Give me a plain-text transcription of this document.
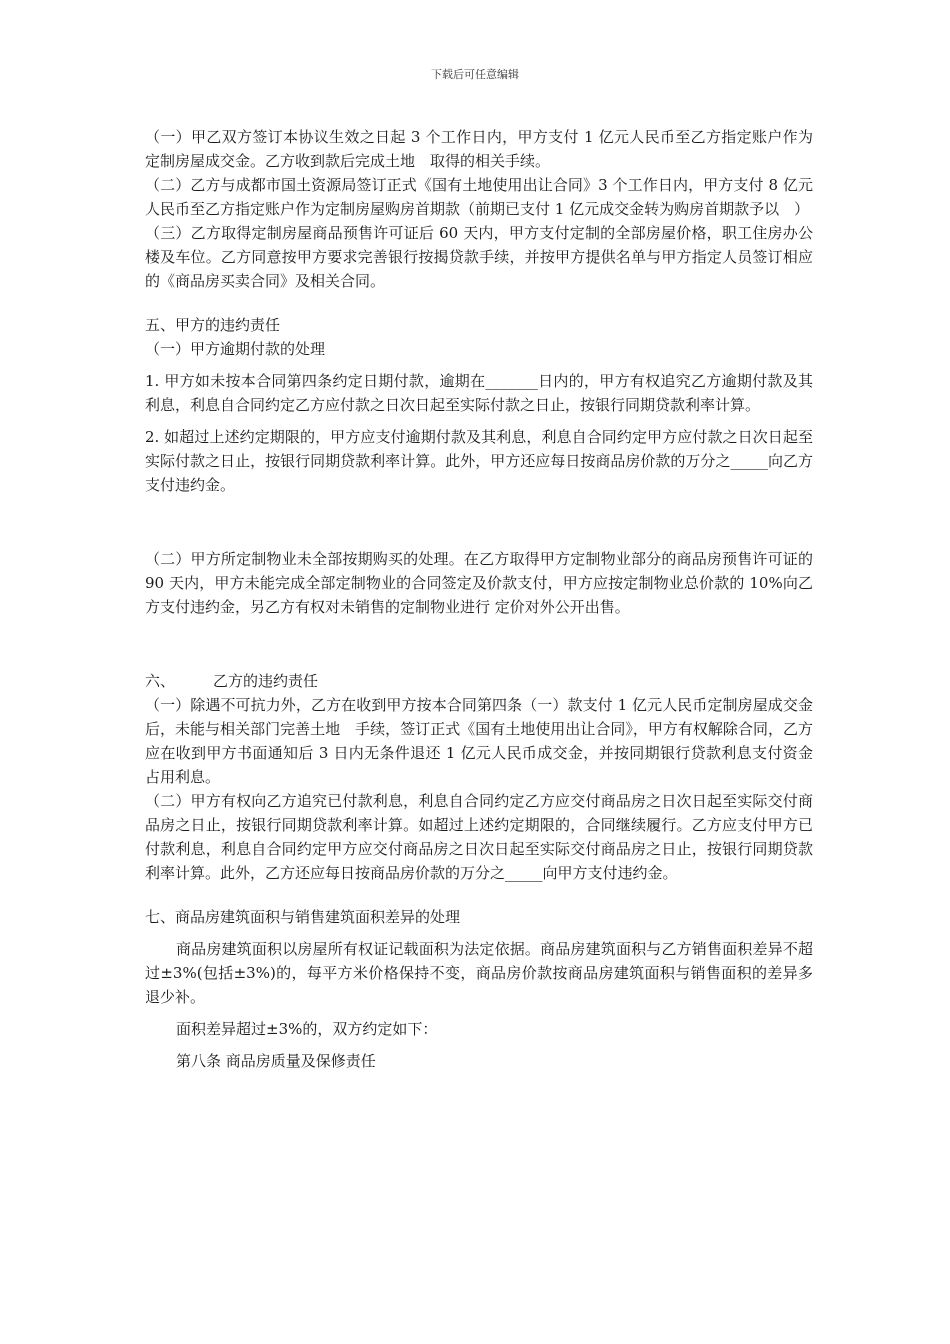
下载后可任意编辑

（一）甲乙双方签订本协议生效之日起 3 个工作日内，甲方支付 1 亿元人民币至乙方指定账户作为定制房屋成交金。乙方收到款后完成土地　取得的相关手续。

（二）乙方与成都市国土资源局签订正式《国有土地使用出让合同》3 个工作日内，甲方支付 8 亿元人民币至乙方指定账户作为定制房屋购房首期款（前期已支付 1 亿元成交金转为购房首期款予以　）

（三）乙方取得定制房屋商品预售许可证后 60 天内，甲方支付定制的全部房屋价格，职工住房办公楼及车位。乙方同意按甲方要求完善银行按揭贷款手续，并按甲方提供名单与甲方指定人员签订相应的《商品房买卖合同》及相关合同。

五、甲方的违约责任

（一）甲方逾期付款的处理

1. 甲方如未按本合同第四条约定日期付款，逾期在_______日内的，甲方有权追究乙方逾期付款及其利息，利息自合同约定乙方应付款之日次日起至实际付款之日止，按银行同期贷款利率计算。

2. 如超过上述约定期限的，甲方应支付逾期付款及其利息，利息自合同约定甲方应付款之日次日起至实际付款之日止，按银行同期贷款利率计算。此外，甲方还应每日按商品房价款的万分之_____向乙方支付违约金。

（二）甲方所定制物业未全部按期购买的处理。在乙方取得甲方定制物业部分的商品房预售许可证的 90 天内，甲方未能完成全部定制物业的合同签定及价款支付，甲方应按定制物业总价款的 10%向乙方支付违约金，另乙方有权对未销售的定制物业进行 定价对外公开出售。

六、	乙方的违约责任

（一）除遇不可抗力外，乙方在收到甲方按本合同第四条（一）款支付 1 亿元人民币定制房屋成交金后，未能与相关部门完善土地　手续，签订正式《国有土地使用出让合同》，甲方有权解除合同，乙方应在收到甲方书面通知后 3 日内无条件退还 1 亿元人民币成交金，并按同期银行贷款利息支付资金占用利息。

（二）甲方有权向乙方追究已付款利息，利息自合同约定乙方应交付商品房之日次日起至实际交付商品房之日止，按银行同期贷款利率计算。如超过上述约定期限的，合同继续履行。乙方应支付甲方已付款利息，利息自合同约定甲方应交付商品房之日次日起至实际交付商品房之日止，按银行同期贷款利率计算。此外，乙方还应每日按商品房价款的万分之_____向甲方支付违约金。

七、商品房建筑面积与销售建筑面积差异的处理

商品房建筑面积以房屋所有权证记载面积为法定依据。商品房建筑面积与乙方销售面积差异不超过±3%(包括±3%)的，每平方米价格保持不变，商品房价款按商品房建筑面积与销售面积的差异多退少补。

面积差异超过±3%的，双方约定如下：

第八条 商品房质量及保修责任
